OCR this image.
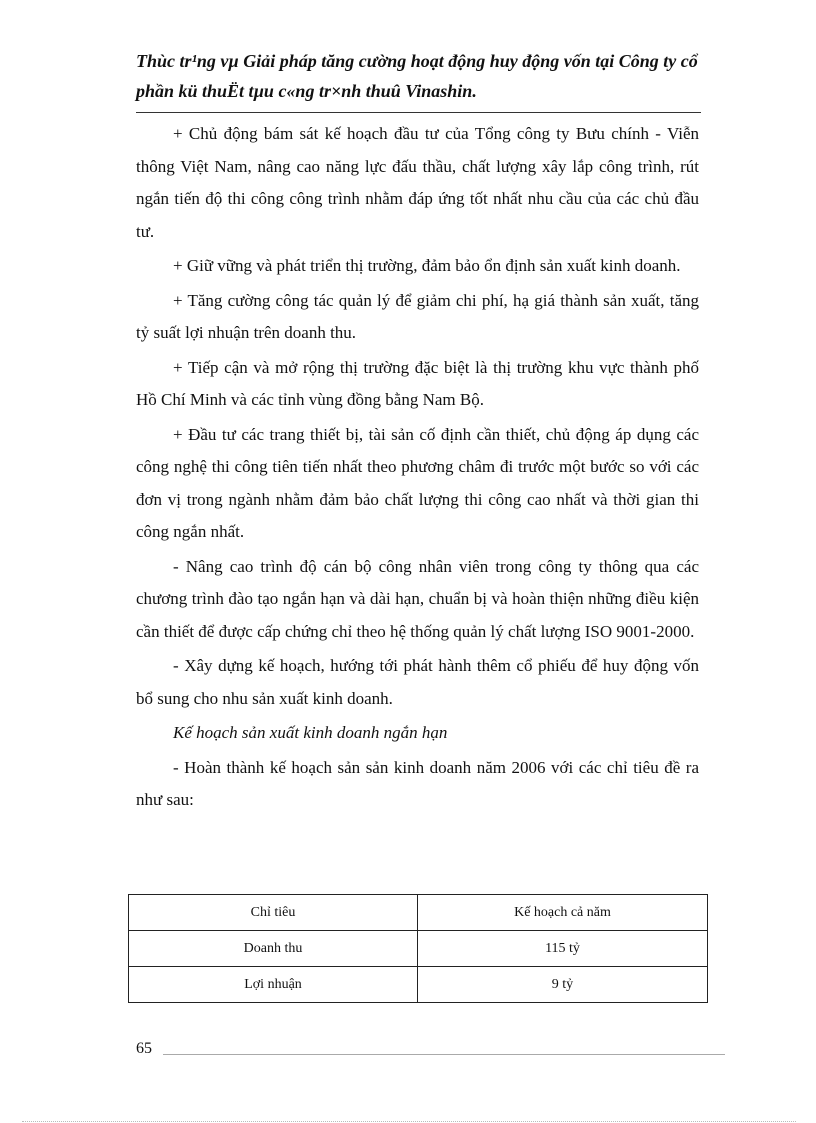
Thùc tr¹ng vµ Giải pháp tăng cường hoạt động huy động vốn tại Công ty cổ phần kü thuËt tµu c«ng tr×nh thuû Vinashin.

+ Chủ động bám sát kế hoạch đầu tư của Tổng công ty Bưu chính - Viễn thông Việt Nam, nâng cao năng lực đấu thầu, chất lượng xây lắp công trình, rút ngắn tiến độ thi công công trình nhằm đáp ứng tốt nhất nhu cầu của các chủ đầu tư.

+ Giữ vững và phát triển thị trường, đảm bảo ổn định sản xuất kinh doanh.

+ Tăng cường công tác quản lý để giảm chi phí, hạ giá thành sản xuất, tăng tỷ suất lợi nhuận trên doanh thu.

+ Tiếp cận và mở rộng thị trường đặc biệt là thị trường khu vực thành phố Hồ Chí Minh và các tỉnh vùng đồng bằng Nam Bộ.

+ Đầu tư các trang thiết bị, tài sản cố định cần thiết, chủ động áp dụng các công nghệ thi công tiên tiến nhất theo phương châm đi trước một bước so với các đơn vị trong ngành nhằm đảm bảo chất lượng thi công cao nhất và thời gian thi công ngắn nhất.

- Nâng cao trình độ cán bộ công nhân viên trong công ty thông qua các chương trình đào tạo ngắn hạn và dài hạn, chuẩn bị và hoàn thiện những điều kiện cần thiết để được cấp chứng chỉ theo hệ thống quản lý chất lượng ISO 9001-2000.

- Xây dựng kế hoạch, hướng tới phát hành thêm cổ phiếu để huy động vốn bổ sung cho nhu sản xuất kinh doanh.

Kế hoạch sản xuất kinh doanh ngắn hạn

- Hoàn thành kế hoạch sản sản kinh doanh năm 2006 với các chỉ tiêu đề ra như sau:

Chỉ tiêu	Kế hoạch cả năm
Doanh thu	115 tỷ
Lợi nhuận	9 tỷ
65
